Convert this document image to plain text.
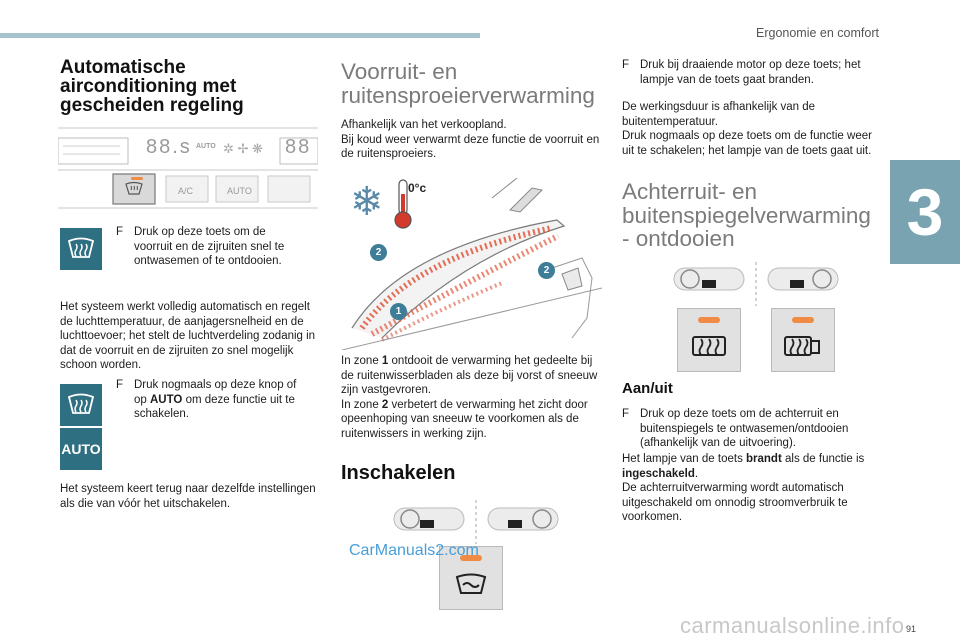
Ergonomie en comfort
3
91
Automatische airconditioning met gescheiden regeling
88.s AUTO ✲ ✢ ❋ 88
A/C	AUTO
F Druk op deze toets om de voorruit en de zijruiten snel te ontwasemen of te ontdooien.
Het systeem werkt volledig automatisch en regelt de luchttemperatuur, de aanjagersnelheid en de luchttoevoer; het stelt de luchtverdeling zodanig in dat de voorruit en de zijruiten zo snel mogelijk schoon worden.
F Druk nogmaals op deze knop of op AUTO om deze functie uit te schakelen.
AUTO
Het systeem keert terug naar dezelfde instellingen als die van vóór het uitschakelen.
Voorruit- en ruitensproeierverwarming
Afhankelijk van het verkoopland.
Bij koud weer verwarmt deze functie de voorruit en de ruitensproeiers.
❄ 0°c
2
2
1
In zone 1 ontdooit de verwarming het gedeelte bij de ruitenwisserbladen als deze bij vorst of sneeuw zijn vastgevroren.
In zone 2 verbetert de verwarming het zicht door opeenhoping van sneeuw te voorkomen als de ruitenwissers in werking zijn.
Inschakelen
F Druk bij draaiende motor op deze toets; het lampje van de toets gaat branden.
De werkingsduur is afhankelijk van de buitentemperatuur.
Druk nogmaals op deze toets om de functie weer uit te schakelen; het lampje van de toets gaat uit.
Achterruit- en buitenspiegelverwarming - ontdooien
Aan/uit
F Druk op deze toets om de achterruit en buitenspiegels te ontwasemen/ontdooien (afhankelijk van de uitvoering).
Het lampje van de toets brandt als de functie is ingeschakeld.
De achterruitverwarming wordt automatisch uitgeschakeld om onnodig stroomverbruik te voorkomen.
CarManuals2.com
carmanualsonline.info
